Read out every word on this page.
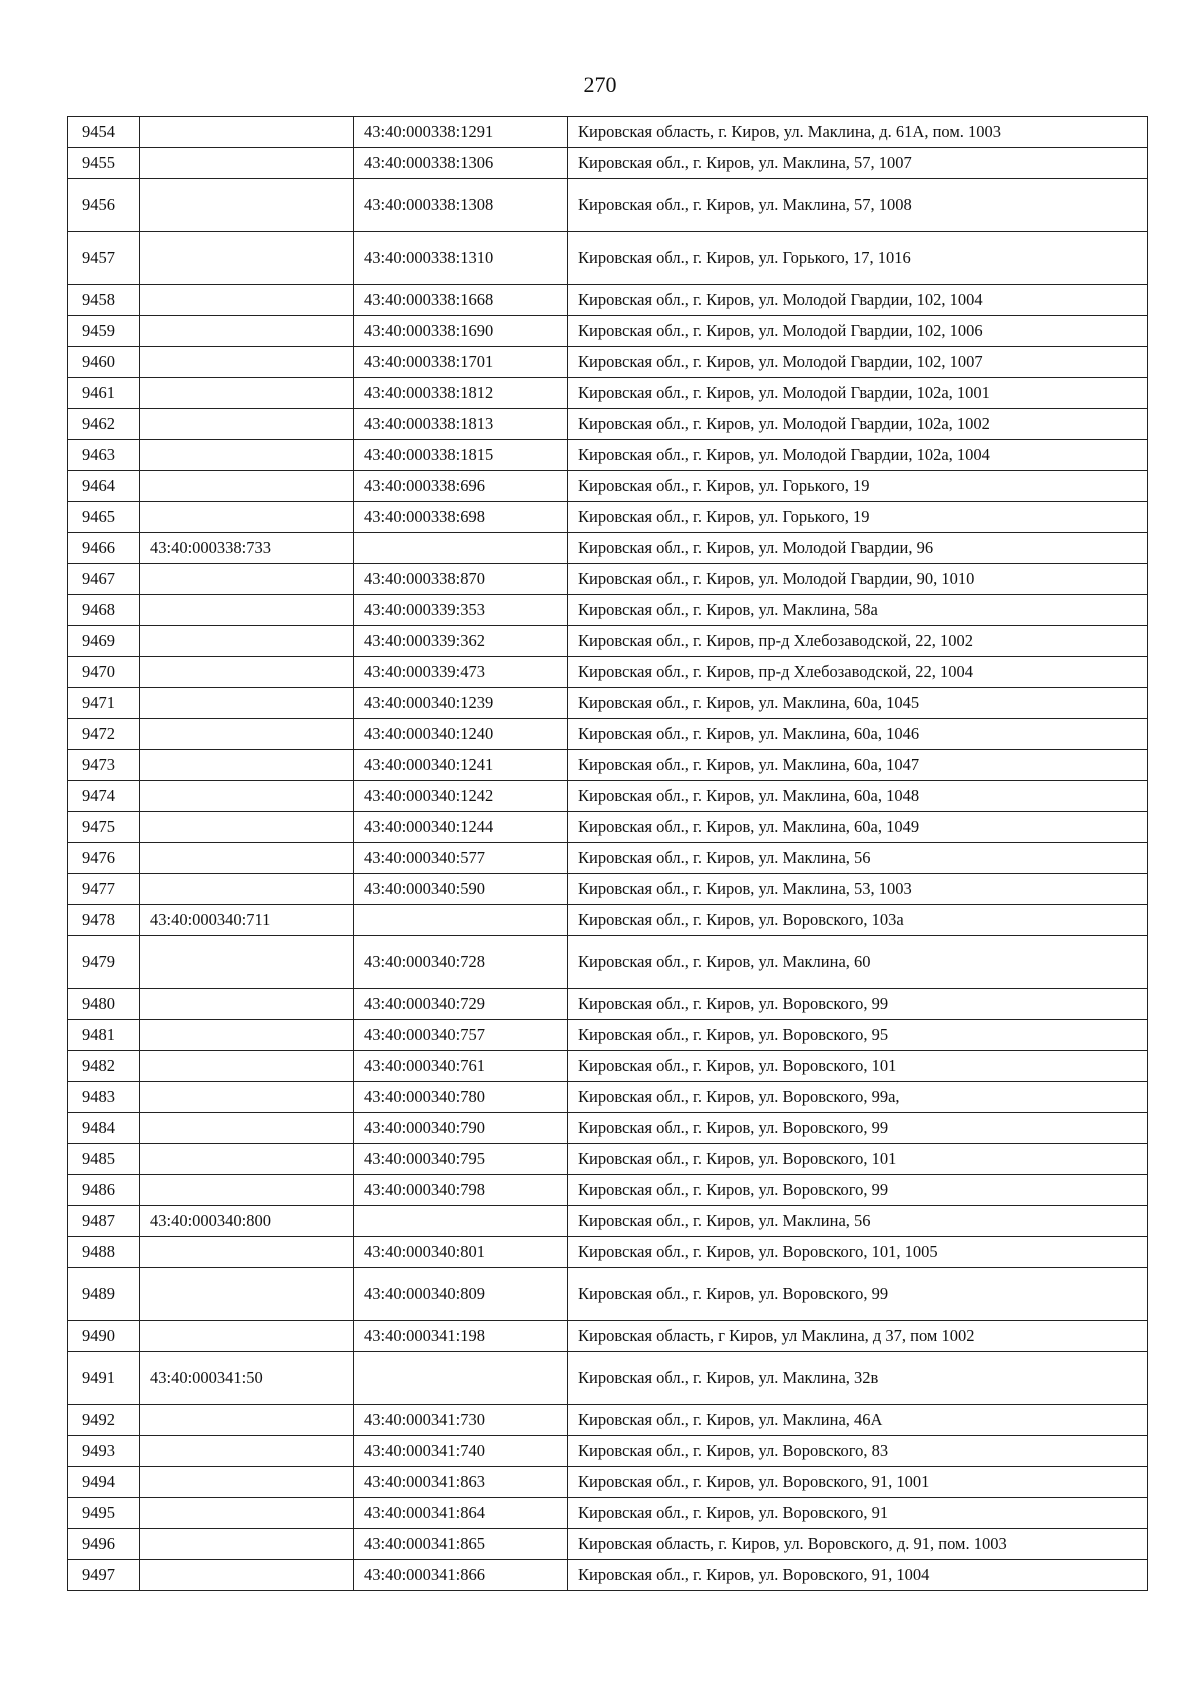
270
9454		43:40:000338:1291	Кировская область, г. Киров, ул. Маклина, д. 61А, пом. 1003
9455		43:40:000338:1306	Кировская обл., г. Киров, ул. Маклина, 57, 1007
9456		43:40:000338:1308	Кировская обл., г. Киров, ул. Маклина, 57, 1008
9457		43:40:000338:1310	Кировская обл., г. Киров, ул. Горького, 17, 1016
9458		43:40:000338:1668	Кировская обл., г. Киров, ул. Молодой Гвардии, 102, 1004
9459		43:40:000338:1690	Кировская обл., г. Киров, ул. Молодой Гвардии, 102, 1006
9460		43:40:000338:1701	Кировская обл., г. Киров, ул. Молодой Гвардии, 102, 1007
9461		43:40:000338:1812	Кировская обл., г. Киров, ул. Молодой Гвардии, 102а, 1001
9462		43:40:000338:1813	Кировская обл., г. Киров, ул. Молодой Гвардии, 102а, 1002
9463		43:40:000338:1815	Кировская обл., г. Киров, ул. Молодой Гвардии, 102а, 1004
9464		43:40:000338:696	Кировская обл., г. Киров, ул. Горького, 19
9465		43:40:000338:698	Кировская обл., г. Киров, ул. Горького, 19
9466	43:40:000338:733		Кировская обл., г. Киров, ул. Молодой Гвардии, 96
9467		43:40:000338:870	Кировская обл., г. Киров, ул. Молодой Гвардии, 90, 1010
9468		43:40:000339:353	Кировская обл., г. Киров, ул. Маклина, 58а
9469		43:40:000339:362	Кировская обл., г. Киров, пр-д Хлебозаводской, 22, 1002
9470		43:40:000339:473	Кировская обл., г. Киров, пр-д Хлебозаводской, 22, 1004
9471		43:40:000340:1239	Кировская обл., г. Киров, ул. Маклина, 60а, 1045
9472		43:40:000340:1240	Кировская обл., г. Киров, ул. Маклина, 60а, 1046
9473		43:40:000340:1241	Кировская обл., г. Киров, ул. Маклина, 60а, 1047
9474		43:40:000340:1242	Кировская обл., г. Киров, ул. Маклина, 60а, 1048
9475		43:40:000340:1244	Кировская обл., г. Киров, ул. Маклина, 60а, 1049
9476		43:40:000340:577	Кировская обл., г. Киров, ул. Маклина, 56
9477		43:40:000340:590	Кировская обл., г. Киров, ул. Маклина, 53, 1003
9478	43:40:000340:711		Кировская обл., г. Киров, ул. Воровского, 103а
9479		43:40:000340:728	Кировская обл., г. Киров, ул. Маклина, 60
9480		43:40:000340:729	Кировская обл., г. Киров, ул. Воровского, 99
9481		43:40:000340:757	Кировская обл., г. Киров, ул. Воровского, 95
9482		43:40:000340:761	Кировская обл., г. Киров, ул. Воровского, 101
9483		43:40:000340:780	Кировская обл., г. Киров, ул. Воровского, 99а,
9484		43:40:000340:790	Кировская обл., г. Киров, ул. Воровского, 99
9485		43:40:000340:795	Кировская обл., г. Киров, ул. Воровского, 101
9486		43:40:000340:798	Кировская обл., г. Киров, ул. Воровского, 99
9487	43:40:000340:800		Кировская обл., г. Киров, ул. Маклина, 56
9488		43:40:000340:801	Кировская обл., г. Киров, ул. Воровского, 101, 1005
9489		43:40:000340:809	Кировская обл., г. Киров, ул. Воровского, 99
9490		43:40:000341:198	Кировская область, г Киров, ул Маклина, д 37, пом 1002
9491	43:40:000341:50		Кировская обл., г. Киров, ул. Маклина, 32в
9492		43:40:000341:730	Кировская обл., г. Киров, ул. Маклина, 46А
9493		43:40:000341:740	Кировская обл., г. Киров, ул. Воровского, 83
9494		43:40:000341:863	Кировская обл., г. Киров, ул. Воровского, 91, 1001
9495		43:40:000341:864	Кировская обл., г. Киров, ул. Воровского, 91
9496		43:40:000341:865	Кировская область, г. Киров, ул. Воровского, д. 91, пом. 1003
9497		43:40:000341:866	Кировская обл., г. Киров, ул. Воровского, 91, 1004
